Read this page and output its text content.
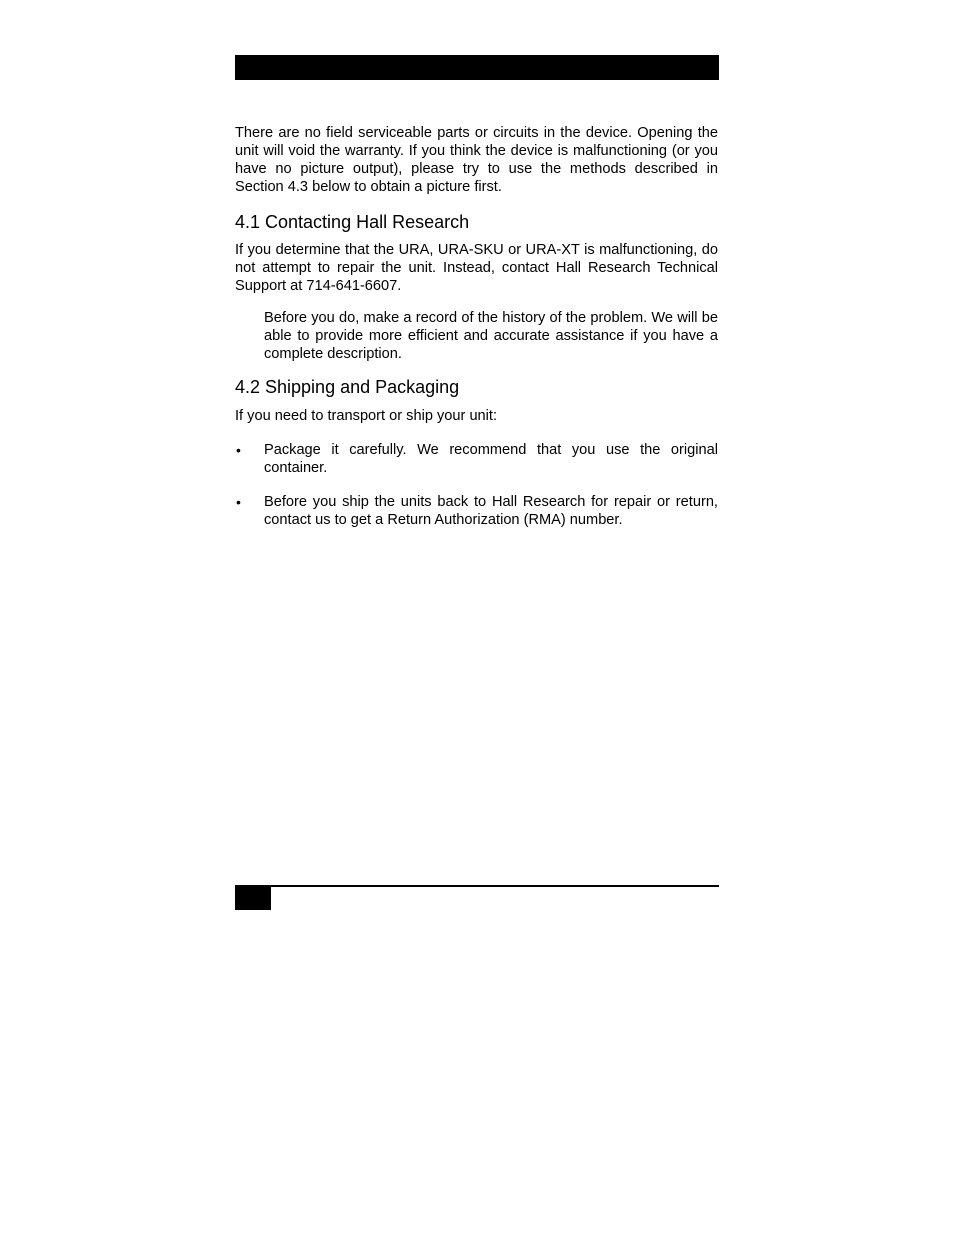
There are no field serviceable parts or circuits in the device. Opening the unit will void the warranty. If you think the device is malfunctioning (or you have no picture output), please try to use the methods described in Section 4.3 below to obtain a picture first.

4.1 Contacting Hall Research

If you determine that the URA, URA-SKU or URA-XT is malfunctioning, do not attempt to repair the unit. Instead, contact Hall Research Technical Support at 714-641-6607.

Before you do, make a record of the history of the problem. We will be able to provide more efficient and accurate assistance if you have a complete description.

4.2 Shipping and Packaging

If you need to transport or ship your unit:

• Package it carefully. We recommend that you use the original container.

• Before you ship the units back to Hall Research for repair or return, contact us to get a Return Authorization (RMA) number.
